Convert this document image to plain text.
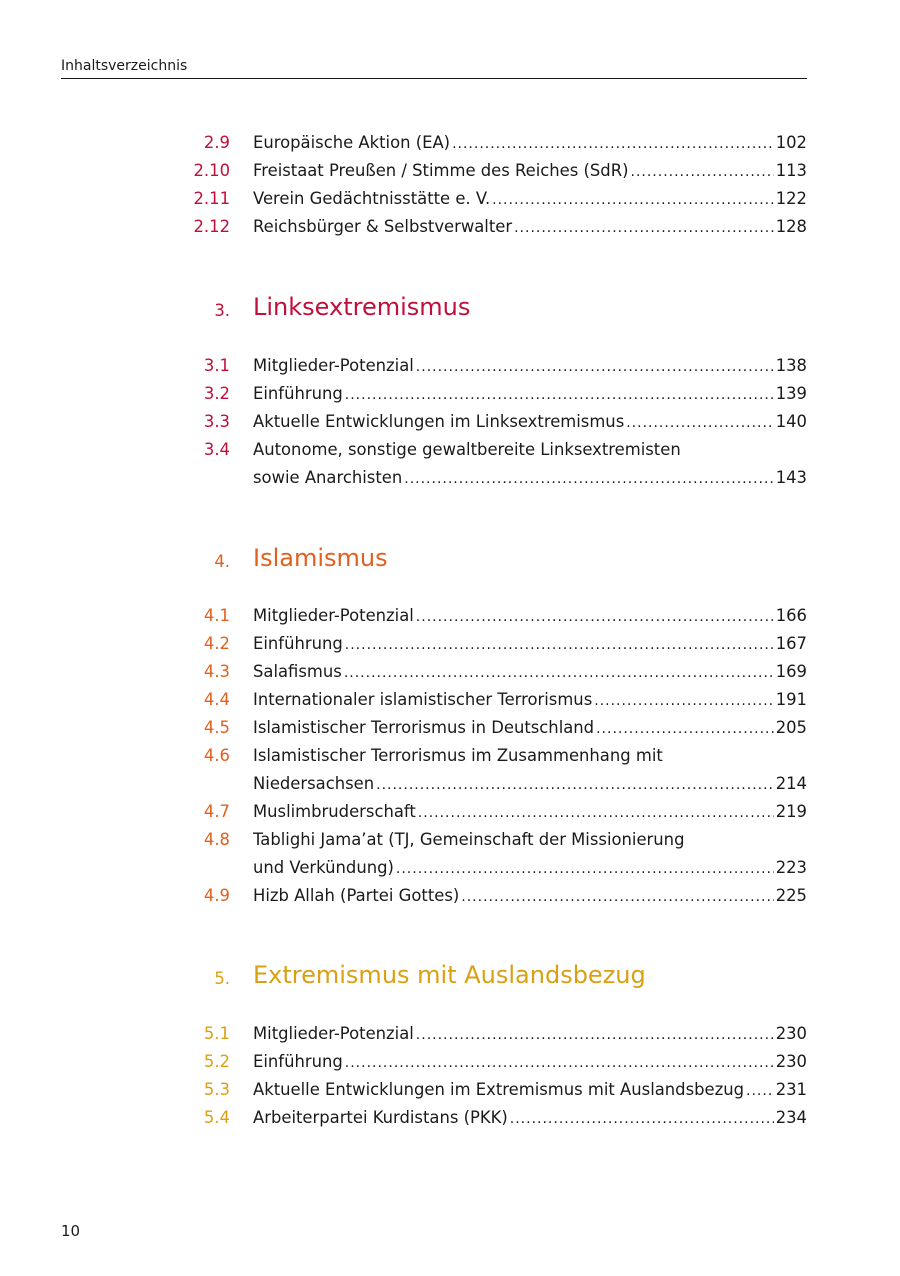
Inhaltsverzeichnis
2.9 Europäische Aktion (EA) .....	102
2.10 Freistaat Preußen / Stimme des Reiches (SdR) .....	113
2.11 Verein Gedächtnisstätte e. V. .....	122
2.12 Reichsbürger & Selbstverwalter .....	128
3. Linksextremismus
3.1 Mitglieder-Potenzial .....	138
3.2 Einführung .....	139
3.3 Aktuelle Entwicklungen im Linksextremismus .....	140
3.4 Autonome, sonstige gewaltbereite Linksextremisten
sowie Anarchisten .....	143
4. Islamismus
4.1 Mitglieder-Potenzial .....	166
4.2 Einführung .....	167
4.3 Salafismus .....	169
4.4 Internationaler islamistischer Terrorismus .....	191
4.5 Islamistischer Terrorismus in Deutschland .....	205
4.6 Islamistischer Terrorismus im Zusammenhang mit
Niedersachsen .....	214
4.7 Muslimbruderschaft .....	219
4.8 Tablighi Jama’at (TJ, Gemeinschaft der Missionierung
und Verkündung) .....	223
4.9 Hizb Allah (Partei Gottes) .....	225
5. Extremismus mit Auslandsbezug
5.1 Mitglieder-Potenzial .....	230
5.2 Einführung .....	230
5.3 Aktuelle Entwicklungen im Extremismus mit Auslandsbezug ..... 231
5.4 Arbeiterpartei Kurdistans (PKK) .....	234
10
